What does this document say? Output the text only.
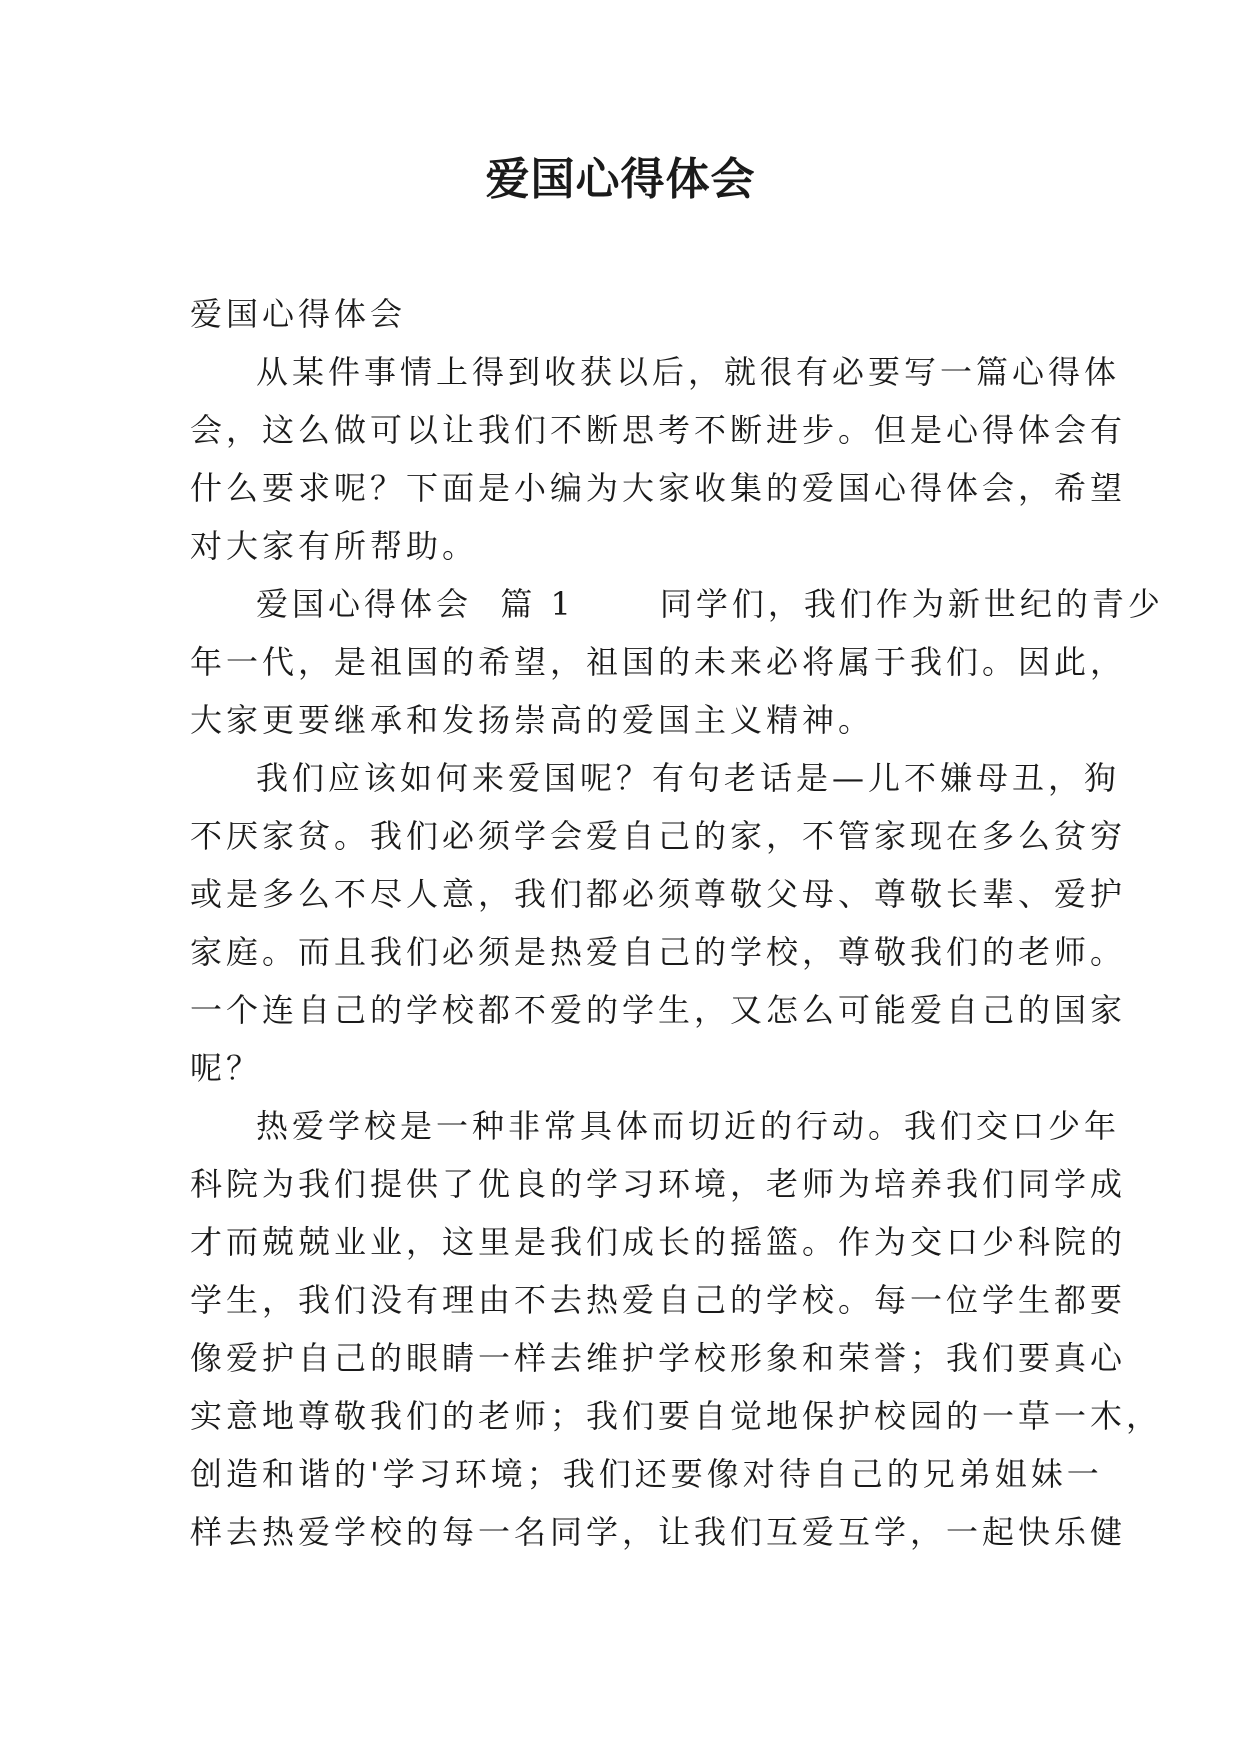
爱国心得体会

爱国心得体会

从某件事情上得到收获以后，就很有必要写一篇心得体

会，这么做可以让我们不断思考不断进步。但是心得体会有

什么要求呢？下面是小编为大家收集的爱国心得体会，希望

对大家有所帮助。

爱国心得体会  篇 1      同学们，我们作为新世纪的青少

年一代，是祖国的希望，祖国的未来必将属于我们。因此，

大家更要继承和发扬崇高的爱国主义精神。

我们应该如何来爱国呢？有句老话是—儿不嫌母丑，狗

不厌家贫。我们必须学会爱自己的家，不管家现在多么贫穷

或是多么不尽人意，我们都必须尊敬父母、尊敬长辈、爱护

家庭。而且我们必须是热爱自己的学校，尊敬我们的老师。

一个连自己的学校都不爱的学生，又怎么可能爱自己的国家

呢？

热爱学校是一种非常具体而切近的行动。我们交口少年

科院为我们提供了优良的学习环境，老师为培养我们同学成

才而兢兢业业，这里是我们成长的摇篮。作为交口少科院的

学生，我们没有理由不去热爱自己的学校。每一位学生都要

像爱护自己的眼睛一样去维护学校形象和荣誉；我们要真心

实意地尊敬我们的老师；我们要自觉地保护校园的一草一木，

创造和谐的'学习环境；我们还要像对待自己的兄弟姐妹一

样去热爱学校的每一名同学，让我们互爱互学，一起快乐健
